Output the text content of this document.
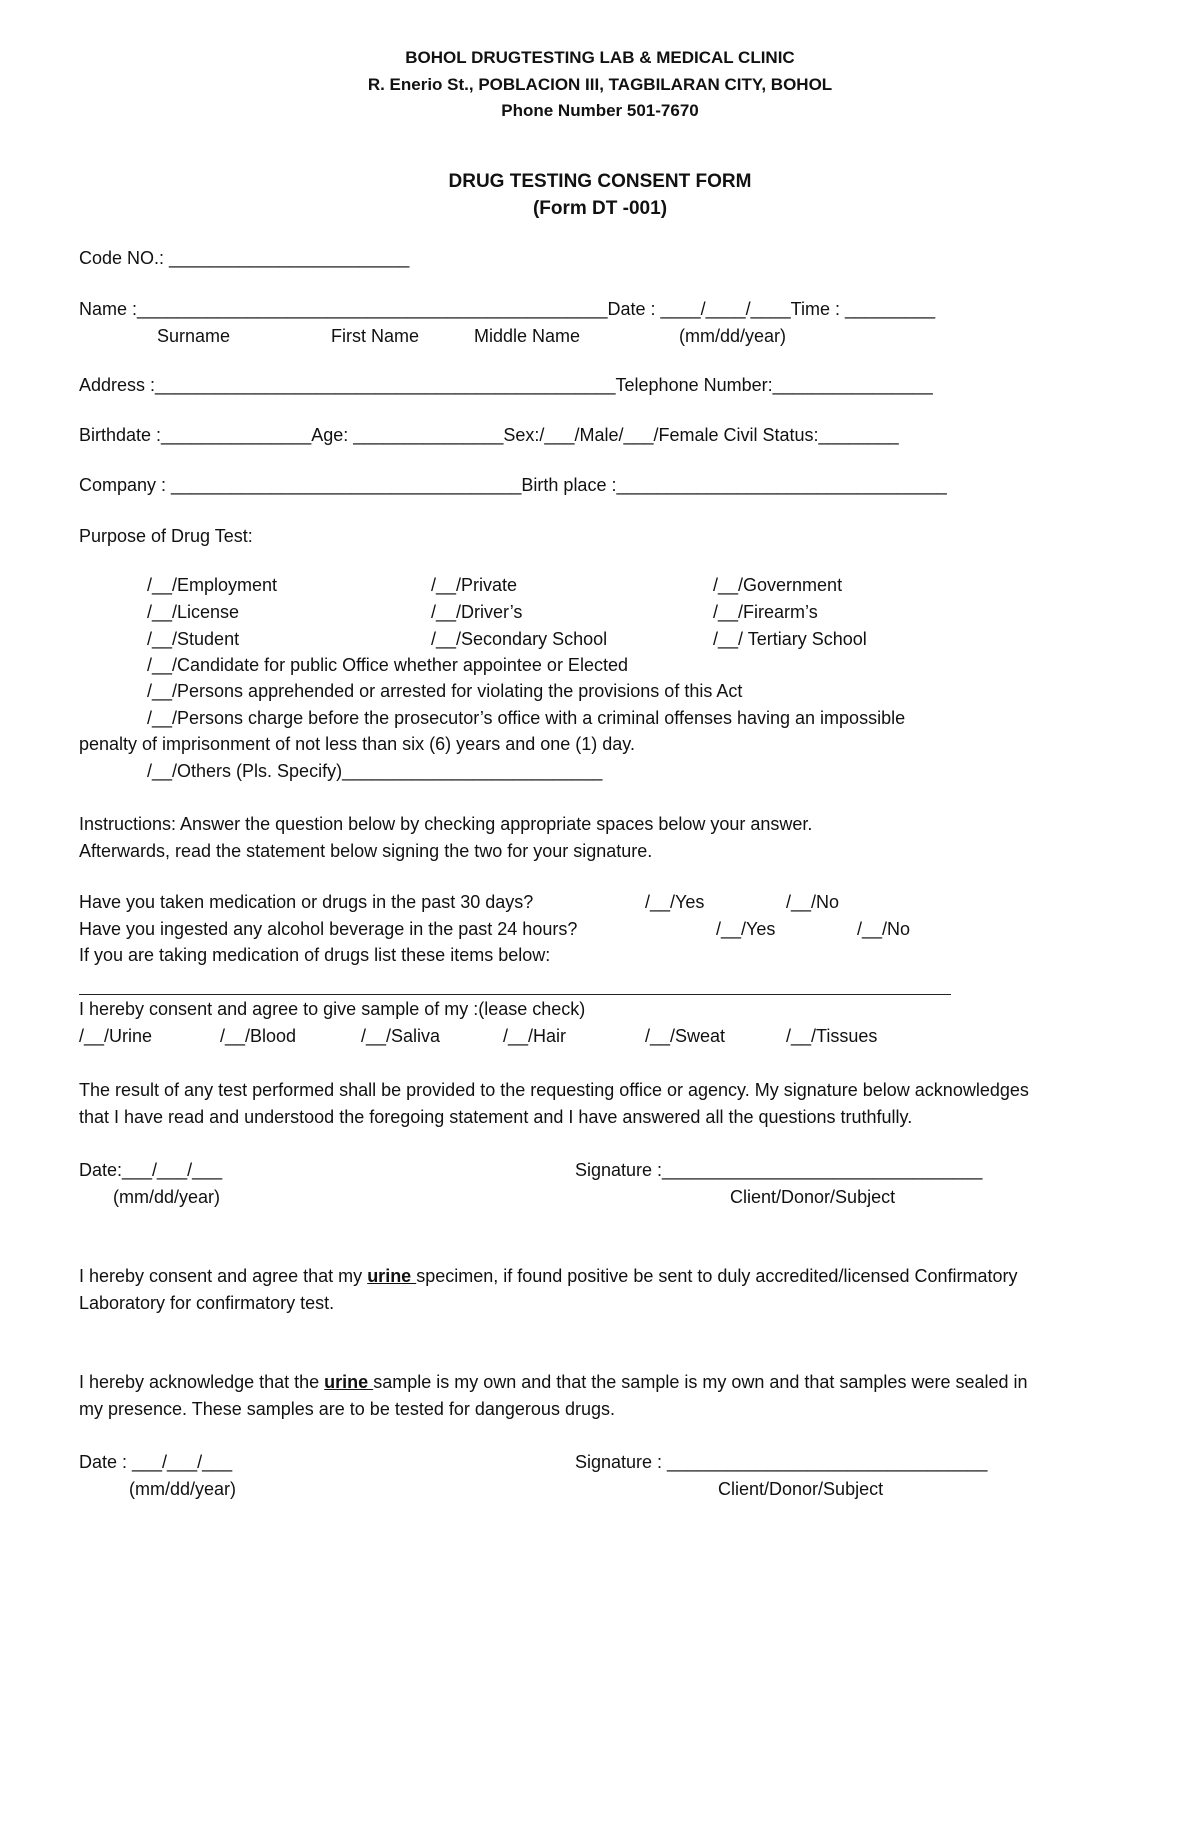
BOHOL DRUGTESTING LAB & MEDICAL CLINIC
R. Enerio St., POBLACION III, TAGBILARAN CITY, BOHOL
Phone Number 501-7670
DRUG TESTING CONSENT FORM
(Form DT -001)
Code NO.: ________________________
Name :_______________________________________________Date : ____/____/____Time : _________
Surname	First Name	Middle Name	(mm/dd/year)
Address :______________________________________________Telephone Number:________________
Birthdate :_______________Age: _______________Sex:/___/Male/___/Female Civil Status:________
Company : ___________________________________Birth place :_________________________________
Purpose of Drug Test:
/__/Employment	/__/Private	/__/Government
/__/License	/__/Driver’s	/__/Firearm’s
/__/Student	/__/Secondary School	/__/ Tertiary School
/__/Candidate for public Office whether appointee or Elected
/__/Persons apprehended or arrested for violating the provisions of this Act
/__/Persons charge before the prosecutor’s office with a criminal offenses having an impossible
penalty of imprisonment of not less than six (6) years and one (1) day.
/__/Others (Pls. Specify)__________________________
Instructions: Answer the question below by checking appropriate spaces below your answer.
Afterwards, read the statement below signing the two for your signature.
Have you taken medication or drugs in the past 30 days?	/__/Yes	/__/No
Have you ingested any alcohol beverage in the past 24 hours?	/__/Yes	/__/No
If you are taking medication of drugs list these items below:
I hereby consent and agree to give sample of my :(lease check)
/__/Urine	/__/Blood	/__/Saliva	/__/Hair	/__/Sweat	/__/Tissues
The result of any test performed shall be provided to the requesting office or agency. My signature below acknowledges
that I have read and understood the foregoing statement and I have answered all the questions truthfully.
Date:___/___/___
(mm/dd/year)
Signature :________________________________
Client/Donor/Subject
I hereby consent and agree that my urine specimen, if found positive be sent to duly accredited/licensed Confirmatory
Laboratory for confirmatory test.
I hereby acknowledge that the urine sample is my own and that the sample is my own and that samples were sealed in
my presence. These samples are to be tested for dangerous drugs.
Date : ___/___/___
(mm/dd/year)
Signature : ________________________________
Client/Donor/Subject
